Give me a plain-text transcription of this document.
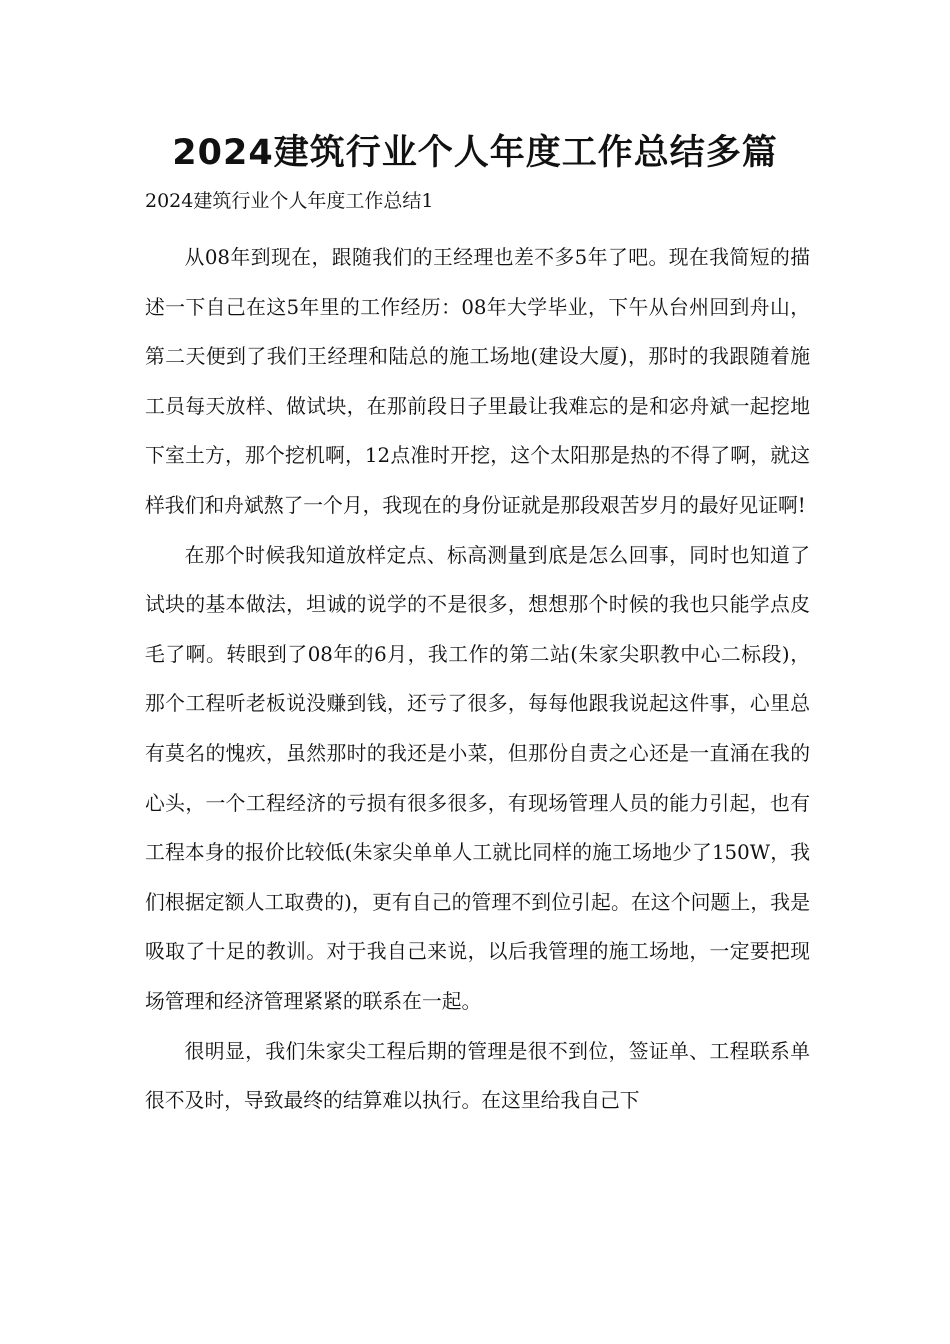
2024建筑行业个人年度工作总结多篇

2024建筑行业个人年度工作总结1

从08年到现在，跟随我们的王经理也差不多5年了吧。现在我简短的描述一下自己在这5年里的工作经历：08年大学毕业，下午从台州回到舟山，第二天便到了我们王经理和陆总的施工场地(建设大厦)，那时的我跟随着施工员每天放样、做试块，在那前段日子里最让我难忘的是和宓舟斌一起挖地下室土方，那个挖机啊，12点准时开挖，这个太阳那是热的不得了啊，就这样我们和舟斌熬了一个月，我现在的身份证就是那段艰苦岁月的最好见证啊!

在那个时候我知道放样定点、标高测量到底是怎么回事，同时也知道了试块的基本做法，坦诚的说学的不是很多，想想那个时候的我也只能学点皮毛了啊。转眼到了08年的6月，我工作的第二站(朱家尖职教中心二标段)，那个工程听老板说没赚到钱，还亏了很多，每每他跟我说起这件事，心里总有莫名的愧疚，虽然那时的我还是小菜，但那份自责之心还是一直涌在我的心头，一个工程经济的亏损有很多很多，有现场管理人员的能力引起，也有工程本身的报价比较低(朱家尖单单人工就比同样的施工场地少了150W，我们根据定额人工取费的)，更有自己的管理不到位引起。在这个问题上，我是吸取了十足的教训。对于我自己来说，以后我管理的施工场地，一定要把现场管理和经济管理紧紧的联系在一起。

很明显，我们朱家尖工程后期的管理是很不到位，签证单、工程联系单很不及时，导致最终的结算难以执行。在这里给我自己下
